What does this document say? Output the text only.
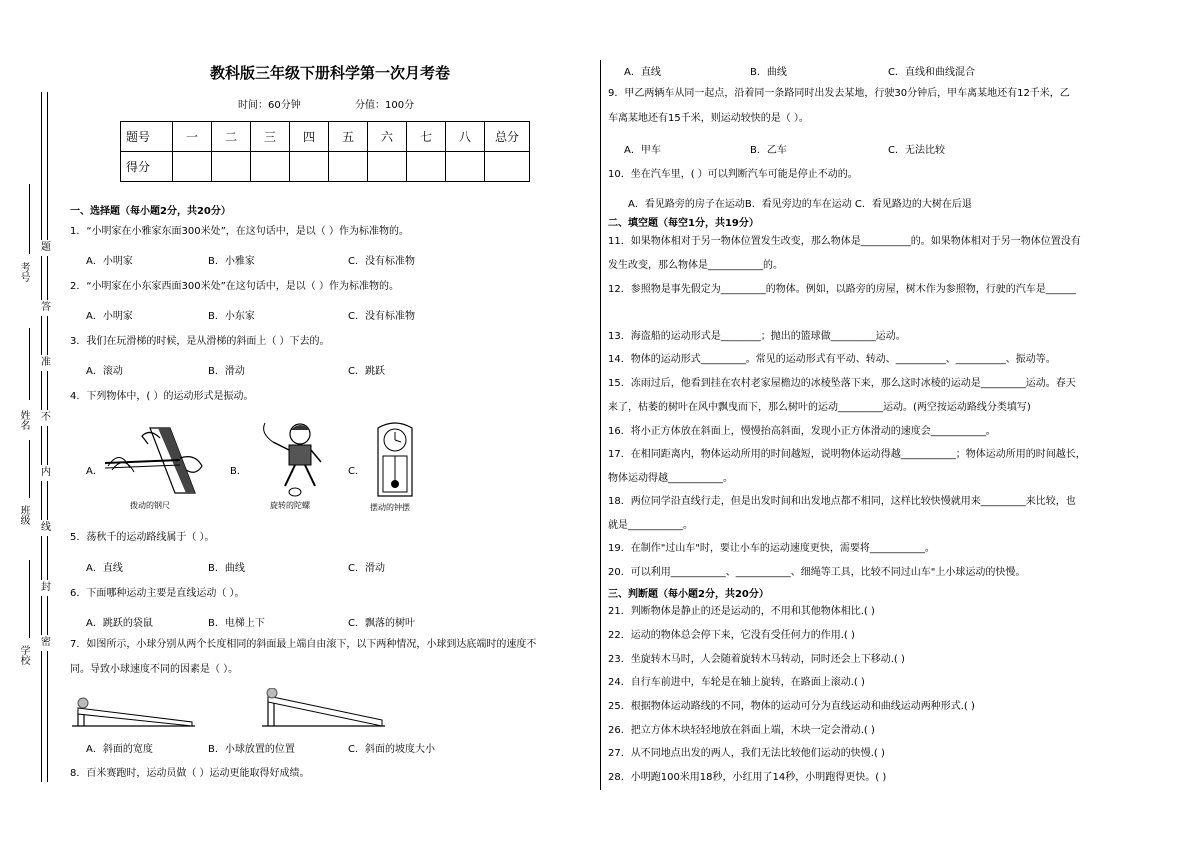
考号
姓名
班级
学校
题
答
准
不
内
线
封
密
教科版三年级下册科学第一次月考卷
时间：60分钟	分值：100分
题号	一	二	三	四	五	六	七	八	总分
得分									
一、选择题（每小题2分，共20分）
1．“小明家在小雅家东面300米处”，在这句话中，是以（ ）作为标准物的。
A．小明家	B．小雅家	C．没有标准物
2．“小明家在小东家西面300米处”在这句话中，是以（ ）作为标准物的。
A．小明家	B．小东家	C．没有标准物
3．我们在玩滑梯的时候，是从滑梯的斜面上（ ）下去的。
A．滚动	B．滑动	C．跳跃
4．下列物体中，( ）的运动形式是振动。
A．
拨动的钢尺
B．
旋转的陀螺
C．
摆动的钟摆
5．荡秋千的运动路线属于（ ）。
A．直线	B．曲线	C．滑动
6．下面哪种运动主要是直线运动（ ）。
A．跳跃的袋鼠	B．电梯上下	C．飘落的树叶
7．如图所示，小球分别从两个长度相同的斜面最上端自由滚下，以下两种情况，小球到达底端时的速度不
同。导致小球速度不同的因素是（ ）。
A．斜面的宽度	B．小球放置的位置	C．斜面的坡度大小
8．百米赛跑时，运动员做（ ）运动更能取得好成绩。
A．直线	B．曲线	C．直线和曲线混合
9．甲乙两辆车从同一起点，沿着同一条路同时出发去某地，行驶30分钟后，甲车离某地还有12千米，乙
车离某地还有15千米，则运动较快的是（ ）。
A．甲车	B．乙车	C．无法比较
10．坐在汽车里，( ）可以判断汽车可能是停止不动的。
A．看见路旁的房子在运动B．看见旁边的车在运动 C．看见路边的大树在后退
二、填空题（每空1分，共19分）
11．如果物体相对于另一物体位置发生改变，那么物体是__________的。如果物体相对于另一物体位置没有
发生改变，那么物体是___________的。
12．参照物是事先假定为_________的物体。例如，以路旁的房屋，树木作为参照物，行驶的汽车是______
13．海盗船的运动形式是________；抛出的篮球做_________运动。
14．物体的运动形式_________。常见的运动形式有平动、转动、__________、__________、振动等。
15．冻雨过后，他看到挂在农村老家屋檐边的冰棱坠落下来，那么这时冰棱的运动是_________运动。春天
来了，枯萎的树叶在风中飘曳而下，那么树叶的运动_________运动。(两空按运动路线分类填写)
16．将小正方体放在斜面上，慢慢抬高斜面，发现小正方体滑动的速度会___________。
17．在相同距离内，物体运动所用的时间越短，说明物体运动得越___________；物体运动所用的时间越长，
物体运动得越___________。
18．两位同学沿直线行走，但是出发时间和出发地点都不相同，这样比较快慢就用来_________来比较，也
就是___________。
19．在制作"过山车"时，要让小车的运动速度更快，需要将___________。
20．可以利用___________、___________、细绳等工具，比较不同过山车"上小球运动的快慢。
三、判断题（每小题2分，共20分）
21．判断物体是静止的还是运动的，不用和其他物体相比.( )
22．运动的物体总会停下来，它没有受任何力的作用.( )
23．坐旋转木马时，人会随着旋转木马转动，同时还会上下移动.( )
24．自行车前进中，车轮是在轴上旋转，在路面上滚动.( )
25．根据物体运动路线的不同，物体的运动可分为直线运动和曲线运动两种形式.( )
26．把立方体木块轻轻地放在斜面上端，木块一定会滑动.( )
27．从不同地点出发的两人，我们无法比较他们运动的快慢.( )
28．小明跑100米用18秒，小红用了14秒，小明跑得更快。( )
